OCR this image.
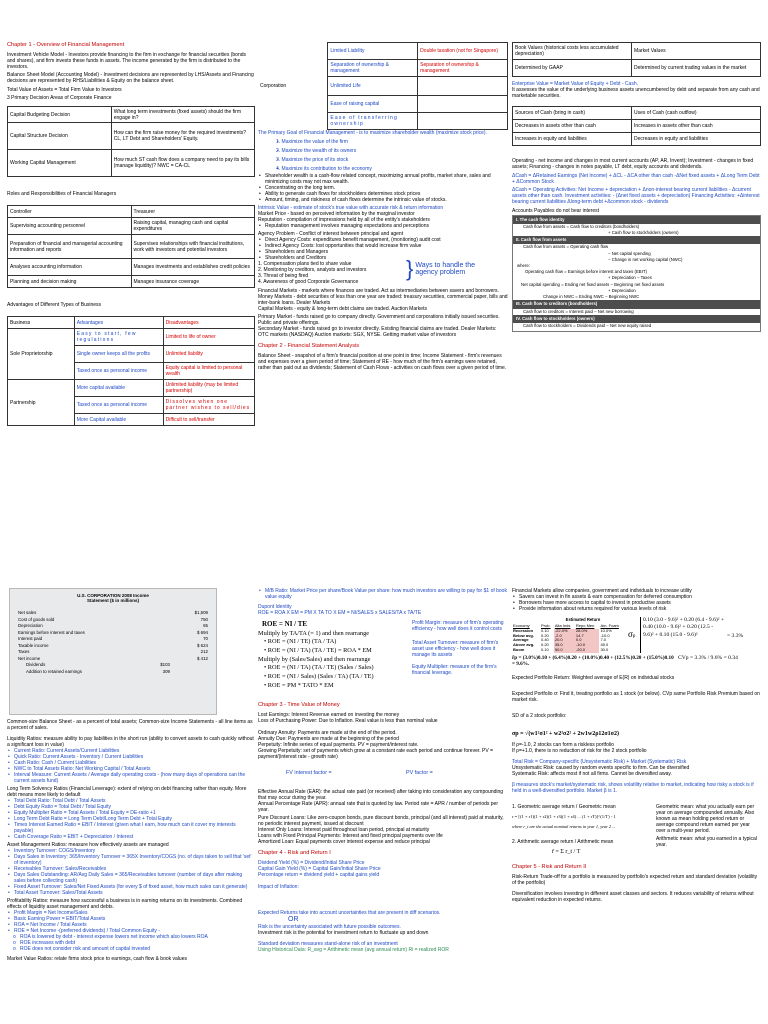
Chapter 1 - Overview of Financial Management

Investment Vehicle Model - Investors provide financing to the firm in exchange for financial securities (bonds and shares), and firm invests these funds in assets. The income generated by the firm is distributed to the investors.

Balance Sheet Model (Accounting Model) - Investment decisions are represented by LHS/Assets and Financing decisions are represented by RHS/Liabilities & Equity on the balance sheet.

Total Value of Assets = Total Firm Value to Investors

3 Primary Decision Areas of Corporate Finance

Capital Budgeting Decision	What long term investments (fixed assets) should the firm engage in?
Capital Structure Decision	How can the firm raise money for the required investments? CL, LT Debt and Shareholders' Equity.
Working Capital Management	How much ST cash flow does a company need to pay its bills (manage liquidity)? NWC = CA-CL

Roles and Responsibilities of Financial Managers

Controller	Treasurer
Supervising accounting personnel	Raising capital, managing cash and capital expenditures
Preparation of financial and managerial accounting information and reports	Supervises relationships with financial institutions, work with investors and potential investors
Analyses accounting information	Manages investments and establishes credit policies
Planning and decision making	Manages insurance coverage

Advantages of Different Types of Business

Business	Advantages	Disadvantages
Sole Proprietorship	Easy to start, few regulations	Limited to life of owner
	Single owner keeps all the profits	Unlimited liability
	Taxed once as personal income	Equity capital is limited to personal wealth
Partnership	More capital available	Unlimited liability (may be limited partnership)
	Taxed once as personal income	Dissolves when one partner wishes to sell/dies
	More Capital available	Difficult to sell/transfer
Corporation	Limited Liability	Double taxation (not for Singapore)
	Separation of ownership & management	Separation of ownership & management
	Unlimited Life	
	Ease of raising capital	
	Ease of transferring ownership	

The Primary Goal of Financial Management - is to maximize shareholder wealth (maximize stock price).

• 1. Maximize the value of the firm
• 2. Maximize the wealth of its owners
• 3. Maximize the price of its stock
• 4. Maximize its contribution to the economy
• Shareholder wealth is a cash-flow related concept, maximizing annual profits, market share, sales and minimizing costs may not max wealth.
• Concentrating on the long term.
• Ability to generate cash flows for stockholders determines stock prices
• Amount, timing, and riskiness of cash flows determine the intrinsic value of stocks.

Intrinsic Value - estimate of stock's true value with accurate risk & return information

Market Price - based on perceived information by the marginal investor

Reputation - compilation of impressions held by all of the entity's stakeholders

• Reputation management involves managing expectations and perceptions

Agency Problem - Conflict of interest between principal and agent

• Direct Agency Costs: expenditures benefit management, (monitoring) audit cost
• Indirect Agency Costs: lost opportunities that would increase firm value
• Shareholders and Managers
• Shareholders and Creditors
1. Compensation plans tied to share value
2. Monitoring by creditors, analysts and investors
3. Threat of being fired
4. Awareness of good Corporate Governance
} Ways to handle the agency problem

Financial Markets - markets where finances are traded. Act as intermediaries between savers and borrowers.

Money Markets - debt securities of less than one year are traded: treasury securities, commercial paper, bills and inter-bank loans. Dealer Markets

Capital Markets - equity & long-term debt claims are traded. Auction Markets

Primary Market - funds raised go to company directly. Government and corporations initially issued securities. Public and private offerings.

Secondary Market - funds raised go to investor directly. Existing financial claims are traded. Dealer Markets: OTC markets (NASDAQ) Auction markets: SGX, NYSE. Getting market value of investors

Chapter 2 - Financial Statement Analysis

Balance Sheet - snapshot of a firm's financial position at one point in time; Income Statement - firm's revenues and expenses over a given period of time; Statement of RE - how much of the firm's earnings were retained, rather than paid out as dividends; Statement of Cash Flows - activities on cash flows over a given period of time.

Book Values (historical costs less accumulated depreciation)	Market Values
Determined by GAAP	Determined by current trading values in the market

Enterprise Value = Market Value of Equity + Debt - Cash.

It assesses the value of the underlying business assets unencumbered by debt and separate from any cash and marketable securities.

Sources of Cash (bring in cash)	Uses of Cash (cash outflow)
Decreases in assets other than cash	Increases in assets other than cash
Increases in equity and liabilities	Decreases in equity and liabilities

Operating - net income and changes in most current accounts (AP, AR, Invent); Investment - changes in fixed assets; Financing - changes in notes payable, LT debt, equity accounts and dividends.

ΔCash = ΔRetained Earnings (Net Income) + ΔCL - ΔCA other than cash -ΔNet fixed assets + ΔLong Term Debt + ΔCommon Stock

ΔCash = Operating Activities: Net Income + depreciation + Δnon-interest bearing current liabilities - Δcurrent assets other than cash. Investment activities: - (Δnet fixed assets + depreciation) Financing Activities: +Δinterest bearing current liabilities Δlong-term debt +Δcommon stock - dividends

Accounts Payables do not bear interest

I. The cash flow identity
Cash flow from assets = Cash flow to creditors (bondholders)
+ Cash flow to stockholders (owners)
II. Cash flow from assets
Cash flow from assets = Operating cash flow
− Net capital spending
− Change in net working capital (NWC)
where:
Operating cash flow = Earnings before interest and taxes (EBIT)
+ Depreciation − Taxes
Net capital spending = Ending net fixed assets − Beginning net fixed assets
+ Depreciation
Change in NWC = Ending NWC − Beginning NWC
III. Cash flow to creditors (bondholders)
Cash flow to creditors = Interest paid − Net new borrowing
IV. Cash flow to stockholders (owners)
Cash flow to stockholders = Dividends paid − Net new equity raised
U.S. CORPORATION 2008 Income Statement ($ in millions)
Net sales		$1,509
Cost of goods sold		750
Depreciation		65
Earnings before interest and taxes		$ 694
Interest paid		70
Taxable income		$ 624
Taxes		212
Net income		$ 412
Dividends	$103	
Addition to retained earnings	309	

Common-size Balance Sheet - as a percent of total assets; Common-size Income Statements - all line items as a percent of sales.

Liquidity Ratios: measure ability to pay liabilities in the short run (ability to convert assets to cash quickly without a significant loss in value)

• Current Ratio: Current Assets/Current Liabilities
• Quick Ratio: Current Assets - Inventory / Current Liabilities
• Cash Ratio: Cash / Current Liabilities
• NWC to Total Assets Ratio: Net Working Capital / Total Assets
• Interval Measure: Current Assets / Average daily operating costs - (how many days of operations can the current assets fund)

Long Term Solvency Ratios (Financial Leverage): extent of relying on debt financing rather than equity. More debt means more likely to default

• Total Debt Ratio: Total Debt / Total Assets
• Debt Equity Ratio = Total Debt / Total Equity
• Equity Multiplier Ratio = Total Assets / Total Equity = DE-ratio +1
• Long Term Debt Ratio = Long Term Debt/Long Term Debt + Total Equity
• Times Interest Earned Ratio = EBIT / Interest (given what I earn, how much can it cover my interests payable)
• Cash Coverage Ratio = EBIT + Depreciation / Interest

Asset Management Ratios: measure how effectively assets are managed

• Inventory Turnover: COGS/Inventory
• Days Sales in Inventory: 365/Inventory Turnover = 365X Inventory/COGS (no. of days taken to sell that 'set' of inventory)
• Receivables Turnover: Sales/Receivables
• Days Sales Outstanding: AR/Avg Daily Sales = 365/Receivables turnover (number of days after making sales before collecting cash)
• Fixed Asset Turnover: Sales/Net Fixed Assets (for every $ of fixed asset, how much sales can it generate)
• Total Asset Turnover: Sales/Total Assets

Profitability Ratios: measure how successful a business is in earning returns on its investments. Combined effects of liquidity asset management and debts.

• Profit Margin = Net Income/Sales
• Basic Earning Power = EBIT/Total Assets
• ROA = Net Income / Total Assets
• ROE = Net Income -(preferred dividends) / Total Common Equity -
o ROA is lowered by debt - interest expense lowers net income which also lowers ROA
o ROE increases with debt
o ROE does not consider risk and amount of capital invested

Market Value Ratios: relate firms stock price to earnings, cash flow & book values

• M/B Ratio: Market Price per share/Book Value per share: how much investors are willing to pay for $1 of book value equity

Dupont Identity

ROE = ROA X EM = PM X TA TO X EM = NI/SALES x SALES/TA x TA/TE

ROE = NI / TE
Multiply by TA/TA (= 1) and then rearrange
• ROE = (NI / TE) (TA / TA)
• ROE = (NI / TA) (TA / TE) = ROA * EM
Multiply by (Sales/Sales) and then rearrange
• ROE = (NI / TA) (TA / TE) (Sales / Sales)
• ROE = (NI / Sales) (Sales / TA) (TA / TE)
• ROE = PM * TATO * EM

Profit Margin: measure of firm's operating efficiency - how well does it control costs

Total Asset Turnover: measure of firm's asset use efficiency - how well does it manage its assets

Equity Multiplier: measure of the firm's financial leverage.

Chapter 3 - Time Value of Money

Lost Earnings: Interest Revenue earned on investing the money

Loss of Purchasing Power: Due to Inflation. Real value is less than nominal value

Ordinary Annuity: Payments are made at the end of the period.

Annuity Due: Payments are made at the beginning of the period

Perpetuity: Infinite series of equal payments. PV = payment/interest rate.

Growing Perpetuity: set of payments which grow at a constant rate each period and continue forever. PV = payment/(interest rate - growth rate)

FV interest factor =	PV factor =

Effective Annual Rate (EAR): the actual rate paid (or received) after taking into consideration any compounding that may occur during the year.

Annual Percentage Rate (APR): annual rate that is quoted by law. Period rate = APR / number of periods per year.

Pure Discount Loans: Like zero-coupon bonds, pure discount bonds, principal (and all interest) paid at maturity, no periodic interest payment, issued at discount

Interest Only Loans: Interest paid throughout loan period, principal at maturity

Loans with Fixed Principal Payments: Interest and fixed principal payments over life

Amortized Loan: Equal payments cover interest expense and reduce principal

Chapter 4 - Risk and Return I

Dividend Yield (%) = Dividend/Initial Share Price

Capital Gain Yield (%) = Capital Gain/Initial Share Price

Percentage return = dividend yield + capital gains yield

Impact of Inflation:

Expected Returns take into account uncertainties that are present in diff scenarios.

OR

Risk is the uncertainty associated with future possible outcomes.

Investment risk is the potential for investment return to fluctuate up and down

Standard deviation measures stand-alone risk of an investment

Using Historical Data: R_avg = Arithmetic mean (avg annual return) Ri = realized ROR

Financial Markets allow companies, government and individuals to increase utility

• Savers can invest in fin assets & earn compensation for deferred consumption
• Borrowers have more access to capital to invest in productive assets
• Provide information about returns required for various levels of risk
Estimated Return
Economy	Prob.	Alta Inds	Repo Men	Am. Foam
Recession	0.10	-22.0%	28.0%	10.0%
Below avg.	0.20	-2.0	14.7	-10.0
Average	0.40	20.0	0.0	7.0
Above avg.	0.20	35.0	-10.0	45.0
Boom	0.10	50.0	-20.0	30.0
σp
0.10 (3.0 - 9.6)² + 0.20 (6.4 - 9.6)² + 0.40 (10.0 - 9.6)² + 0.20 (12.5 - 9.6)² + 0.10 (15.0 - 9.6)²	= 3.3%
r̂p = (3.0%)0.10 + (6.4%)0.20 + (10.0%)0.40 + (12.5%)0.20 + (15.0%)0.10 = 9.6%.
CVp = 3.3% / 9.6% = 0.34

Expected Portfolio Return: Weighted average of E(R) on individual stocks

Expected Portfolio σ: Find it, treating portfolio as 1 stock (or below). CVp same Portfolio Risk Premium based on market risk.

SD of a 2 stock portfolio:

σp = √(w1²σ1² + w2²σ2² + 2w1w2ρ12σ1σ2)

If ρ=-1.0, 2 stocks can form a riskless portfolio

If ρ=+1.0, there is no reduction of risk for the 2 stock portfolio

Total Risk = Company-specific (Unsystematic Risk) + Market (Systematic) Risk

Unsystematic Risk: caused by random events specific to firm. Can be diversified

Systematic Risk: affects most if not all firms. Cannot be diversified away.

β measures stock's market/systematic risk, shows volatility relative to market, indicating how risky a stock is if held in a well-diversified portfolio. Market β is 1.

1. Geometric average return / Geometric mean
r = [(1 + r1)(1 + r2)(1 + r3)(1 + r4) ... (1 + rT)]^(1/T) - 1
where r_t are the actual nominal returns in year 1, year 2 ...
2. Arithmetic average return / Arithmetic mean
r̄ = Σ r_t / T
Geometric mean: what you actually earn per year on average compounded annually. Also known as mean holding period return or average compound return earned per year over a multi-year period.
Arithmetic mean: what you earned in a typical year.
Chapter 5 - Risk and Return II

Risk-Return Trade-off for a portfolio is measured by portfolio's expected return and standard deviation (volatility of the portfolio)

Diversification involves investing in different asset classes and sectors. It reduces variability of returns without equivalent reduction in expected returns.
